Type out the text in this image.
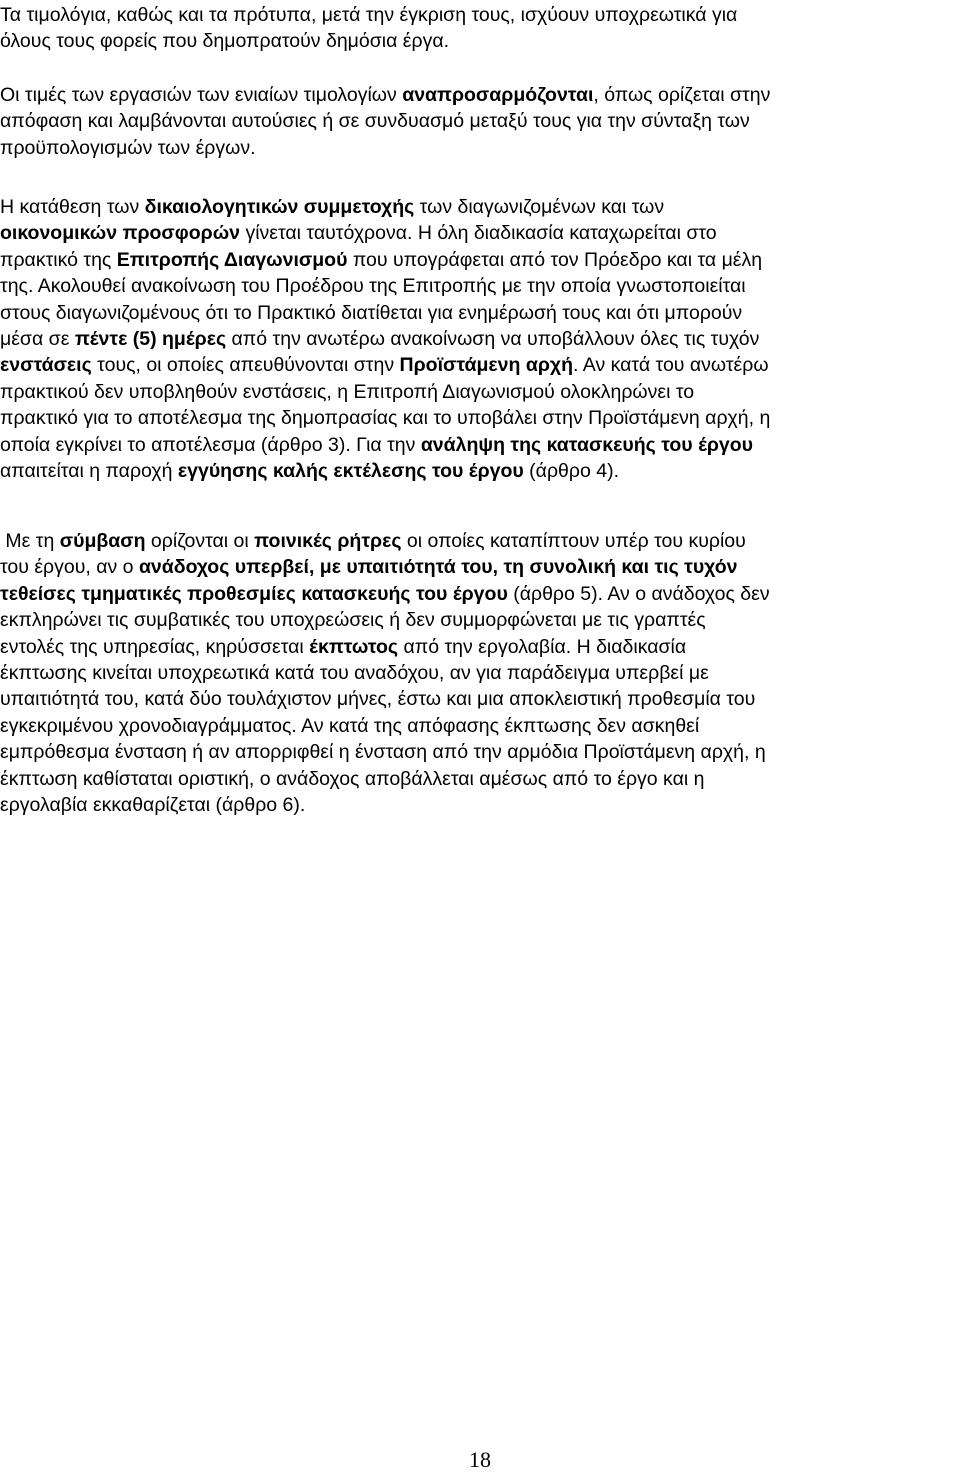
Τα τιμολόγια, καθώς και τα πρότυπα, μετά την έγκριση τους, ισχύουν υποχρεωτικά για
όλους τους φορείς που δημοπρατούν δημόσια έργα.
Οι τιμές των εργασιών των ενιαίων τιμολογίων αναπροσαρμόζονται, όπως ορίζεται στην
απόφαση και λαμβάνονται αυτούσιες ή σε συνδυασμό μεταξύ τους για την σύνταξη των
προϋπολογισμών των έργων.
Η κατάθεση των δικαιολογητικών συμμετοχής των διαγωνιζομένων και των
οικονομικών προσφορών γίνεται ταυτόχρονα. Η όλη διαδικασία καταχωρείται στο
πρακτικό της Επιτροπής Διαγωνισμού που υπογράφεται από τον Πρόεδρο και τα μέλη
της. Ακολουθεί ανακοίνωση του Προέδρου της Επιτροπής με την οποία γνωστοποιείται
στους διαγωνιζομένους ότι το Πρακτικό διατίθεται για ενημέρωσή τους και ότι μπορούν
μέσα σε πέντε (5) ημέρες από την ανωτέρω ανακοίνωση να υποβάλλουν όλες τις τυχόν
ενστάσεις τους, οι οποίες απευθύνονται στην Προϊστάμενη αρχή. Αν κατά του ανωτέρω
πρακτικού δεν υποβληθούν ενστάσεις, η Επιτροπή Διαγωνισμού ολοκληρώνει το
πρακτικό για το αποτέλεσμα της δημοπρασίας και το υποβάλει στην Προϊστάμενη αρχή, η
οποία εγκρίνει το αποτέλεσμα (άρθρο 3). Για την ανάληψη της κατασκευής του έργου
απαιτείται η παροχή εγγύησης καλής εκτέλεσης του έργου (άρθρο 4).
Με τη σύμβαση ορίζονται οι ποινικές ρήτρες οι οποίες καταπίπτουν υπέρ του κυρίου
του έργου, αν ο ανάδοχος υπερβεί, με υπαιτιότητά του, τη συνολική και τις τυχόν
τεθείσες τμηματικές προθεσμίες κατασκευής του έργου (άρθρο 5). Αν ο ανάδοχος δεν
εκπληρώνει τις συμβατικές του υποχρεώσεις ή δεν συμμορφώνεται με τις γραπτές
εντολές της υπηρεσίας, κηρύσσεται έκπτωτος από την εργολαβία. Η διαδικασία
έκπτωσης κινείται υποχρεωτικά κατά του αναδόχου, αν για παράδειγμα υπερβεί με
υπαιτιότητά του, κατά δύο τουλάχιστον μήνες, έστω και μια αποκλειστική προθεσμία του
εγκεκριμένου χρονοδιαγράμματος. Αν κατά της απόφασης έκπτωσης δεν ασκηθεί
εμπρόθεσμα ένσταση ή αν απορριφθεί η ένσταση από την αρμόδια Προϊστάμενη αρχή, η
έκπτωση καθίσταται οριστική, ο ανάδοχος αποβάλλεται αμέσως από το έργο και η
εργολαβία εκκαθαρίζεται (άρθρο 6).
18
